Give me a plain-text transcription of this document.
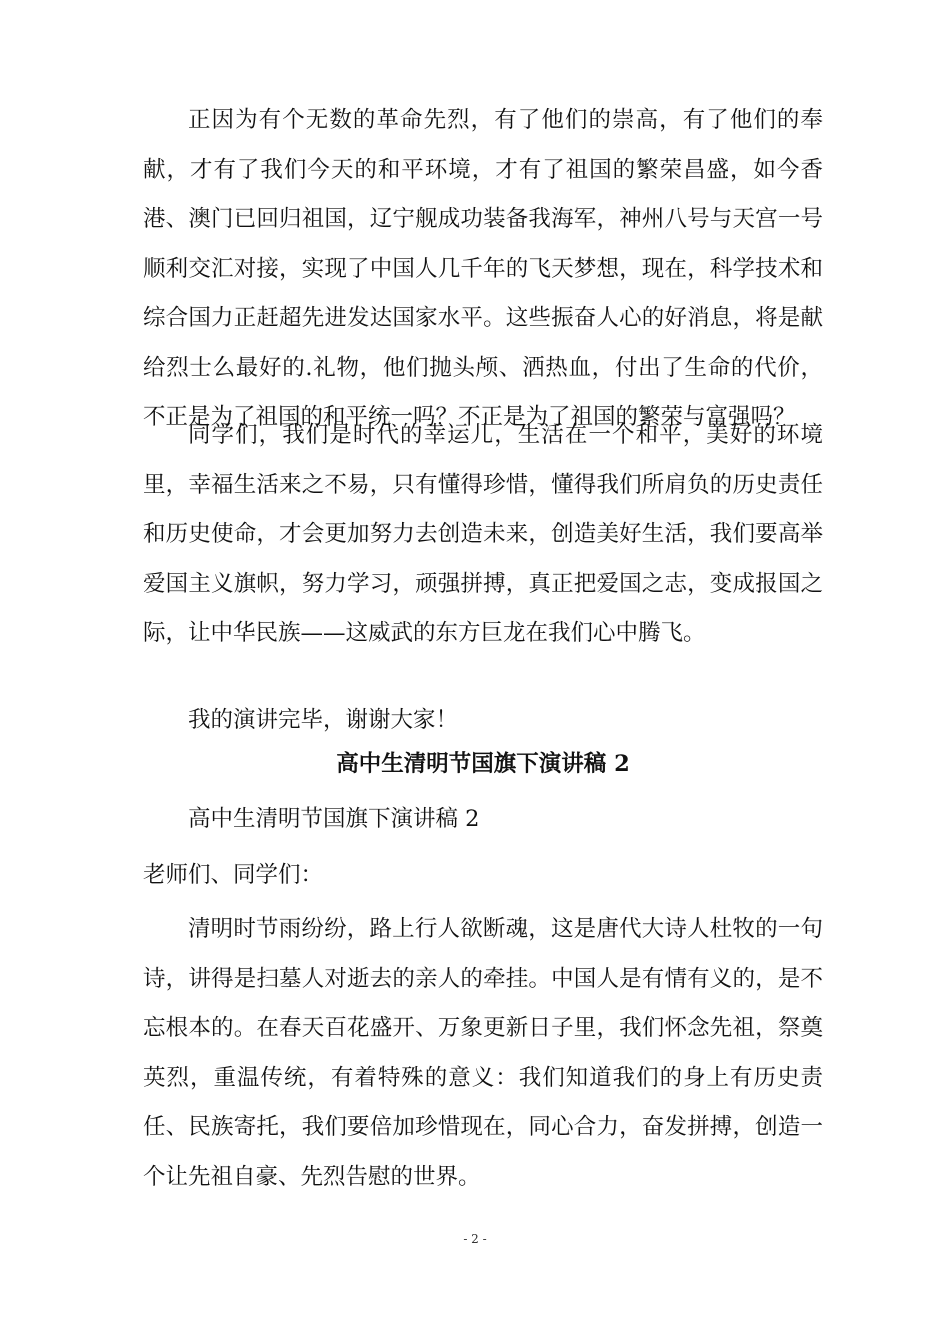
正因为有个无数的革命先烈，有了他们的崇高，有了他们的奉献，才有了我们今天的和平环境，才有了祖国的繁荣昌盛，如今香港、澳门已回归祖国，辽宁舰成功装备我海军，神州八号与天宫一号顺利交汇对接，实现了中国人几千年的飞天梦想，现在，科学技术和综合国力正赶超先进发达国家水平。这些振奋人心的好消息，将是献给烈士么最好的.礼物，他们抛头颅、洒热血，付出了生命的代价，不正是为了祖国的和平统一吗？不正是为了祖国的繁荣与富强吗？

同学们，我们是时代的幸运儿，生活在一个和平，美好的环境里，幸福生活来之不易，只有懂得珍惜，懂得我们所肩负的历史责任和历史使命，才会更加努力去创造未来，创造美好生活，我们要高举爱国主义旗帜，努力学习，顽强拼搏，真正把爱国之志，变成报国之际，让中华民族——这威武的东方巨龙在我们心中腾飞。

我的演讲完毕，谢谢大家！

高中生清明节国旗下演讲稿 2

高中生清明节国旗下演讲稿 2

老师们、同学们：

清明时节雨纷纷，路上行人欲断魂，这是唐代大诗人杜牧的一句诗，讲得是扫墓人对逝去的亲人的牵挂。中国人是有情有义的，是不忘根本的。在春天百花盛开、万象更新日子里，我们怀念先祖，祭奠英烈，重温传统，有着特殊的意义：我们知道我们的身上有历史责任、民族寄托，我们要倍加珍惜现在，同心合力，奋发拼搏，创造一个让先祖自豪、先烈告慰的世界。

- 2 -
